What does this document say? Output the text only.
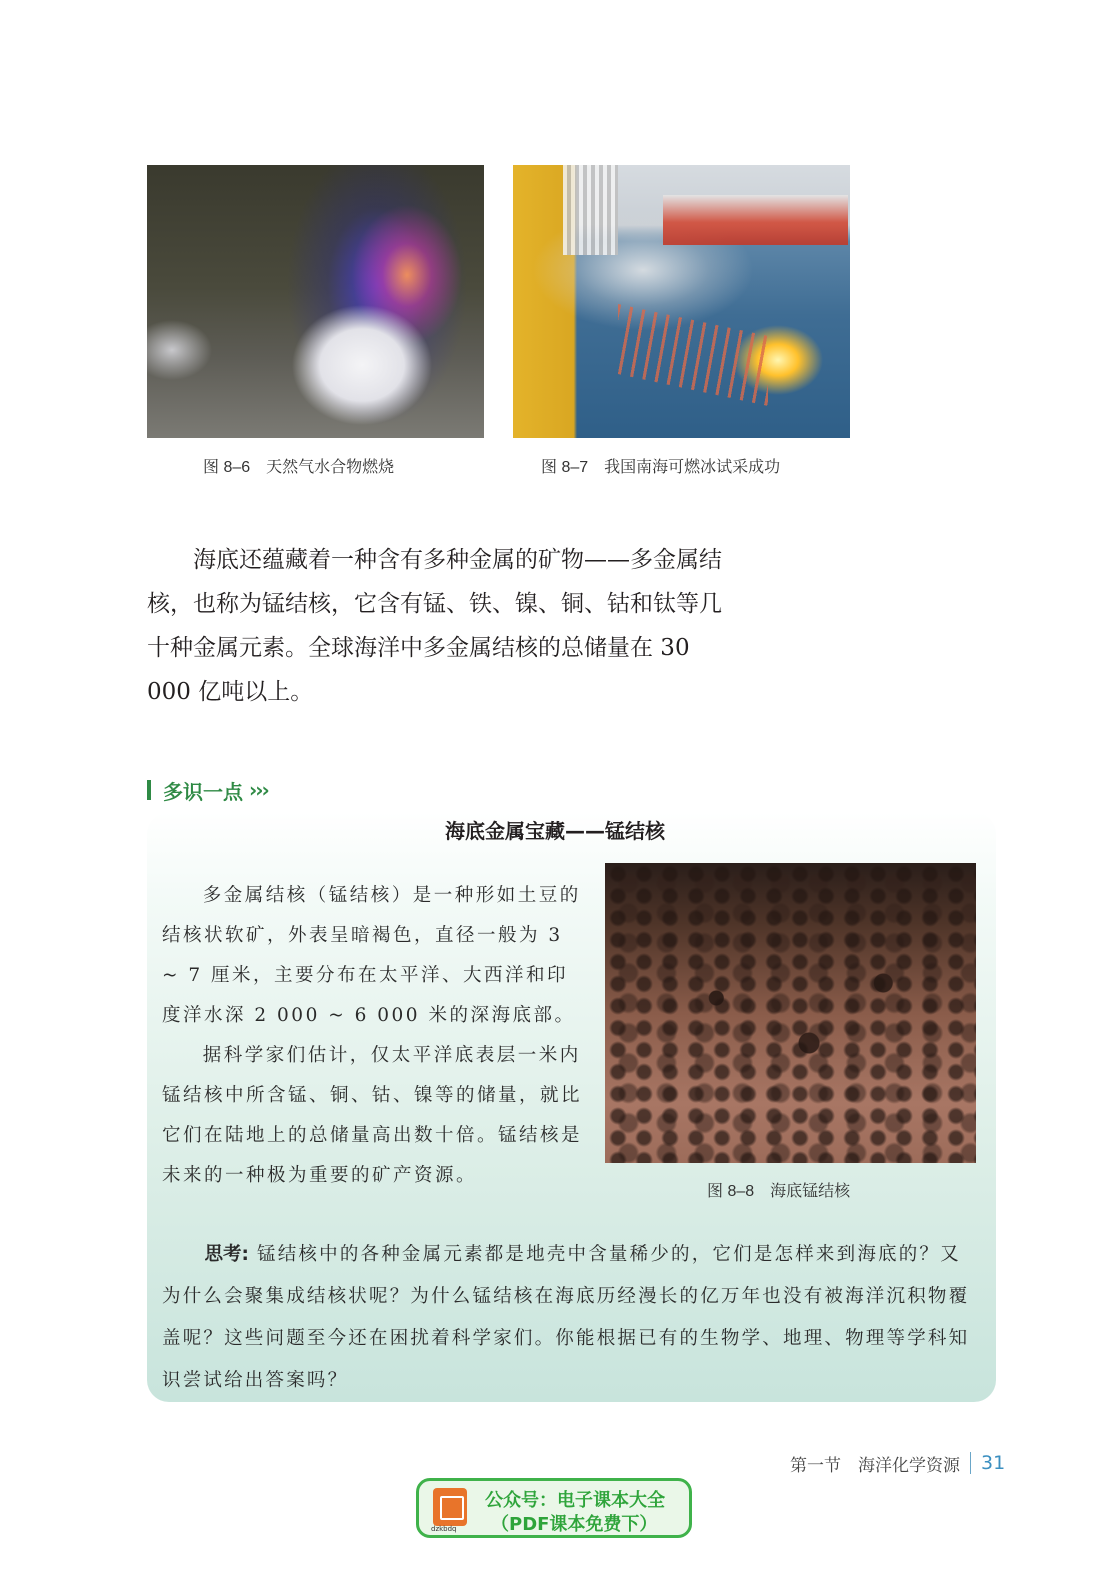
图 8–6　天然气水合物燃烧	图 8–7　我国南海可燃冰试采成功

海底还蕴藏着一种含有多种金属的矿物——多金属结核，也称为锰结核，它含有锰、铁、镍、铜、钴和钛等几十种金属元素。全球海洋中多金属结核的总储量在 30 000 亿吨以上。

多识一点 ›››
海底金属宝藏——锰结核

多金属结核（锰结核）是一种形如土豆的结核状软矿，外表呈暗褐色，直径一般为 3 ~ 7 厘米，主要分布在太平洋、大西洋和印度洋水深 2 000 ~ 6 000 米的深海底部。

据科学家们估计，仅太平洋底表层一米内锰结核中所含锰、铜、钴、镍等的储量，就比它们在陆地上的总储量高出数十倍。锰结核是未来的一种极为重要的矿产资源。

图 8–8　海底锰结核

思考: 锰结核中的各种金属元素都是地壳中含量稀少的，它们是怎样来到海底的？又为什么会聚集成结核状呢？为什么锰结核在海底历经漫长的亿万年也没有被海洋沉积物覆盖呢？这些问题至今还在困扰着科学家们。你能根据已有的生物学、地理、物理等学科知识尝试给出答案吗？

第一节　海洋化学资源 31
dzkbdq
公众号：电子课本大全
（PDF课本免费下）
